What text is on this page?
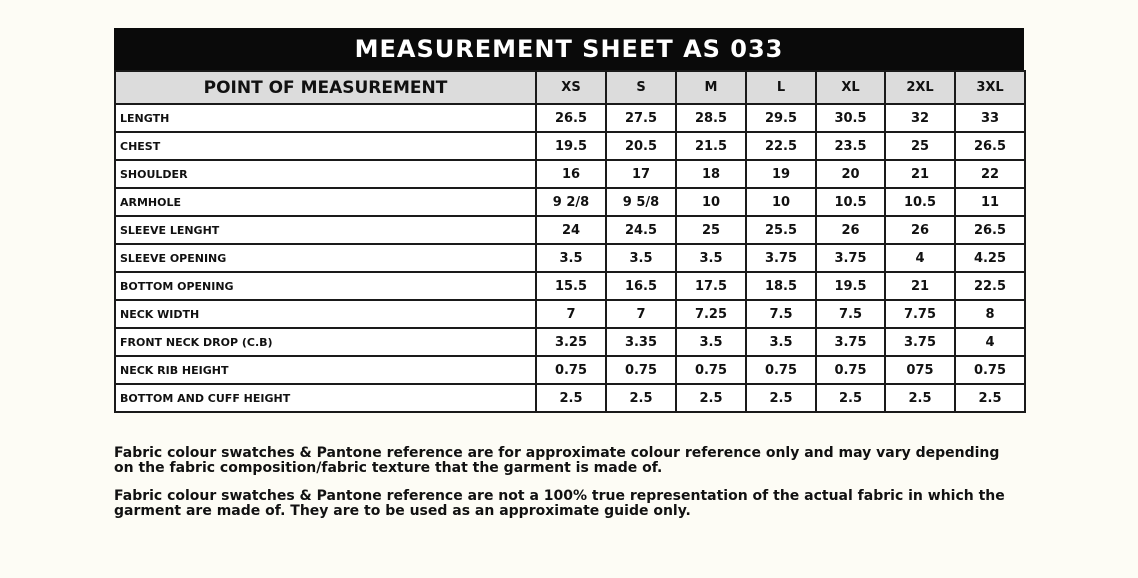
MEASUREMENT SHEET AS 033
POINT OF MEASUREMENT	XS	S	M	L	XL	2XL	3XL
LENGTH	26.5	27.5	28.5	29.5	30.5	32	33
CHEST	19.5	20.5	21.5	22.5	23.5	25	26.5
SHOULDER	16	17	18	19	20	21	22
ARMHOLE	9 2/8	9 5/8	10	10	10.5	10.5	11
SLEEVE LENGHT	24	24.5	25	25.5	26	26	26.5
SLEEVE OPENING	3.5	3.5	3.5	3.75	3.75	4	4.25
BOTTOM OPENING	15.5	16.5	17.5	18.5	19.5	21	22.5
NECK WIDTH	7	7	7.25	7.5	7.5	7.75	8
FRONT NECK DROP (C.B)	3.25	3.35	3.5	3.5	3.75	3.75	4
NECK RIB HEIGHT	0.75	0.75	0.75	0.75	0.75	075	0.75
BOTTOM AND CUFF HEIGHT	2.5	2.5	2.5	2.5	2.5	2.5	2.5

Fabric colour swatches & Pantone reference are for approximate colour reference only and may vary depending on the fabric composition/fabric texture that the garment is made of.

Fabric colour swatches & Pantone reference are not a 100% true representation of the actual fabric in which the garment are made of. They are to be used as an approximate guide only.
